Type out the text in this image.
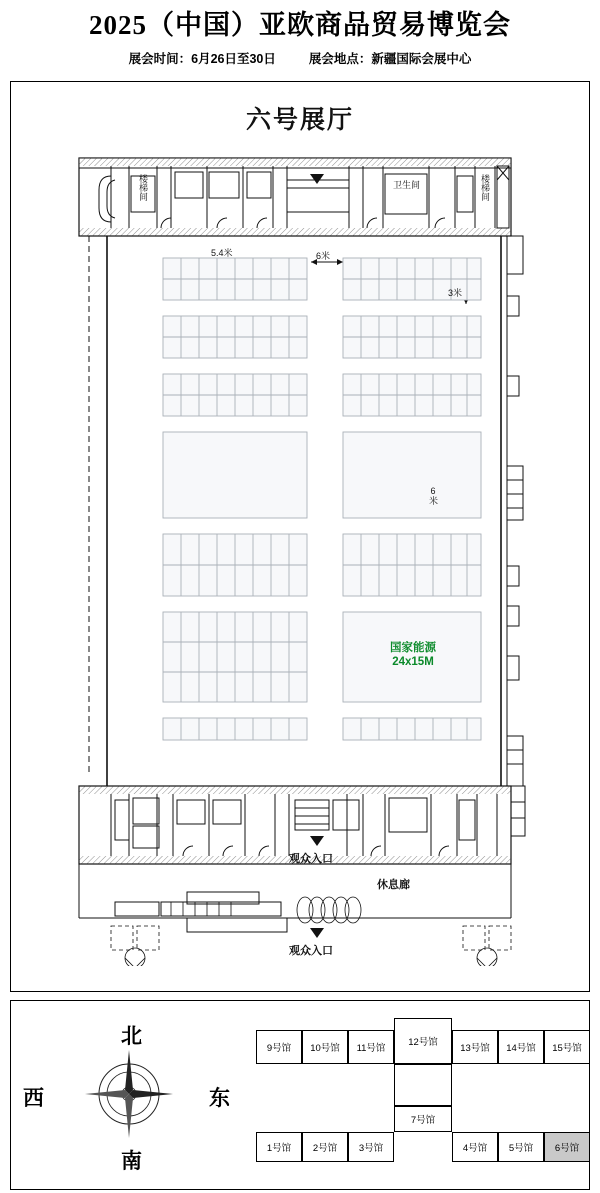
2025（中国）亚欧商品贸易博览会
展会时间：6月26日至30日	展会地点：新疆国际会展中心
六号展厅
5.4米	6米
3米
6米
卫生间
楼梯间	楼梯间
国家能源
24x15M
观众入口
休息廊
观众入口
北
南
西	东
9号馆	10号馆	11号馆
12号馆
7号馆
13号馆	14号馆	15号馆
1号馆	2号馆	3号馆	4号馆	5号馆	6号馆
